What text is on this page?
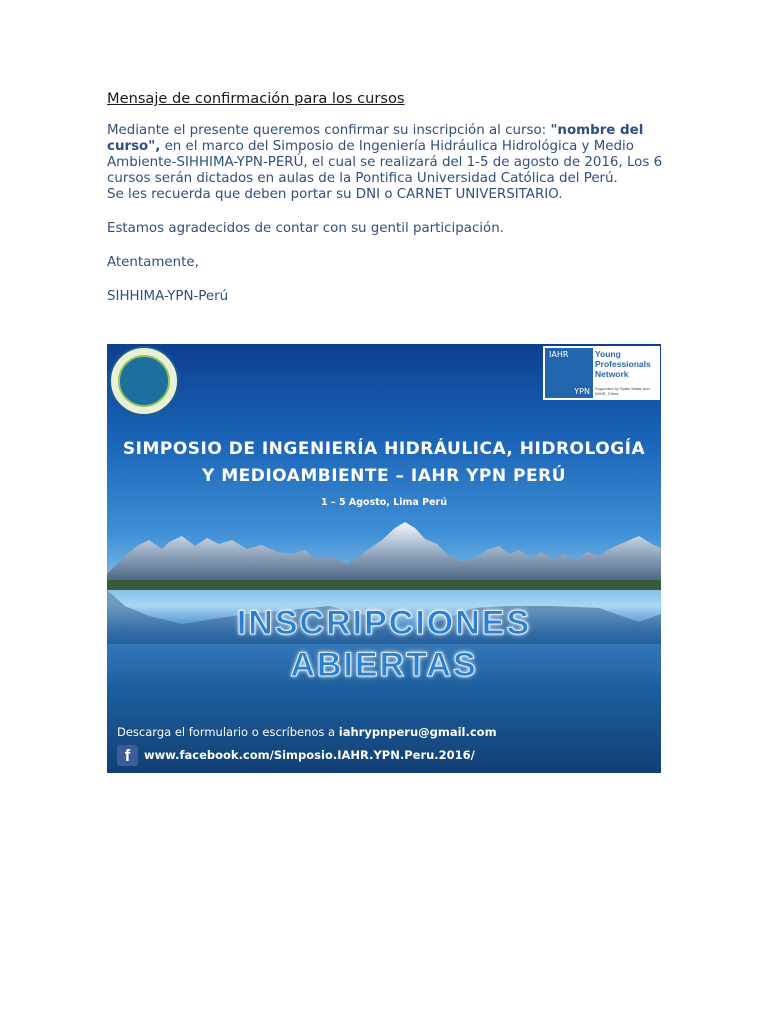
Mensaje de confirmación para los cursos

Mediante el presente queremos confirmar su inscripción al curso: "nombre del curso", en el marco del Simposio de Ingeniería Hidráulica Hidrológica y Medio Ambiente-SIHHIMA-YPN-PERÚ, el cual se realizará del 1-5 de agosto de 2016, Los 6 cursos serán dictados en aulas de la Pontifica Universidad Católica del Perú.

Se les recuerda que deben portar su DNI o CARNET UNIVERSITARIO.

Estamos agradecidos de contar con su gentil participación.

Atentamente,

SIHHIMA-YPN-Perú

IAHR
YPN
Young Professionals Network
Supported by Spain Water and IWHR, China
SIMPOSIO DE INGENIERÍA HIDRÁULICA, HIDROLOGÍA
Y MEDIOAMBIENTE – IAHR YPN PERÚ
1 – 5 Agosto, Lima Perú
INSCRIPCIONES
ABIERTAS
Descarga el formulario o escríbenos a iahrypnperu@gmail.com
f	www.facebook.com/Simposio.IAHR.YPN.Peru.2016/
